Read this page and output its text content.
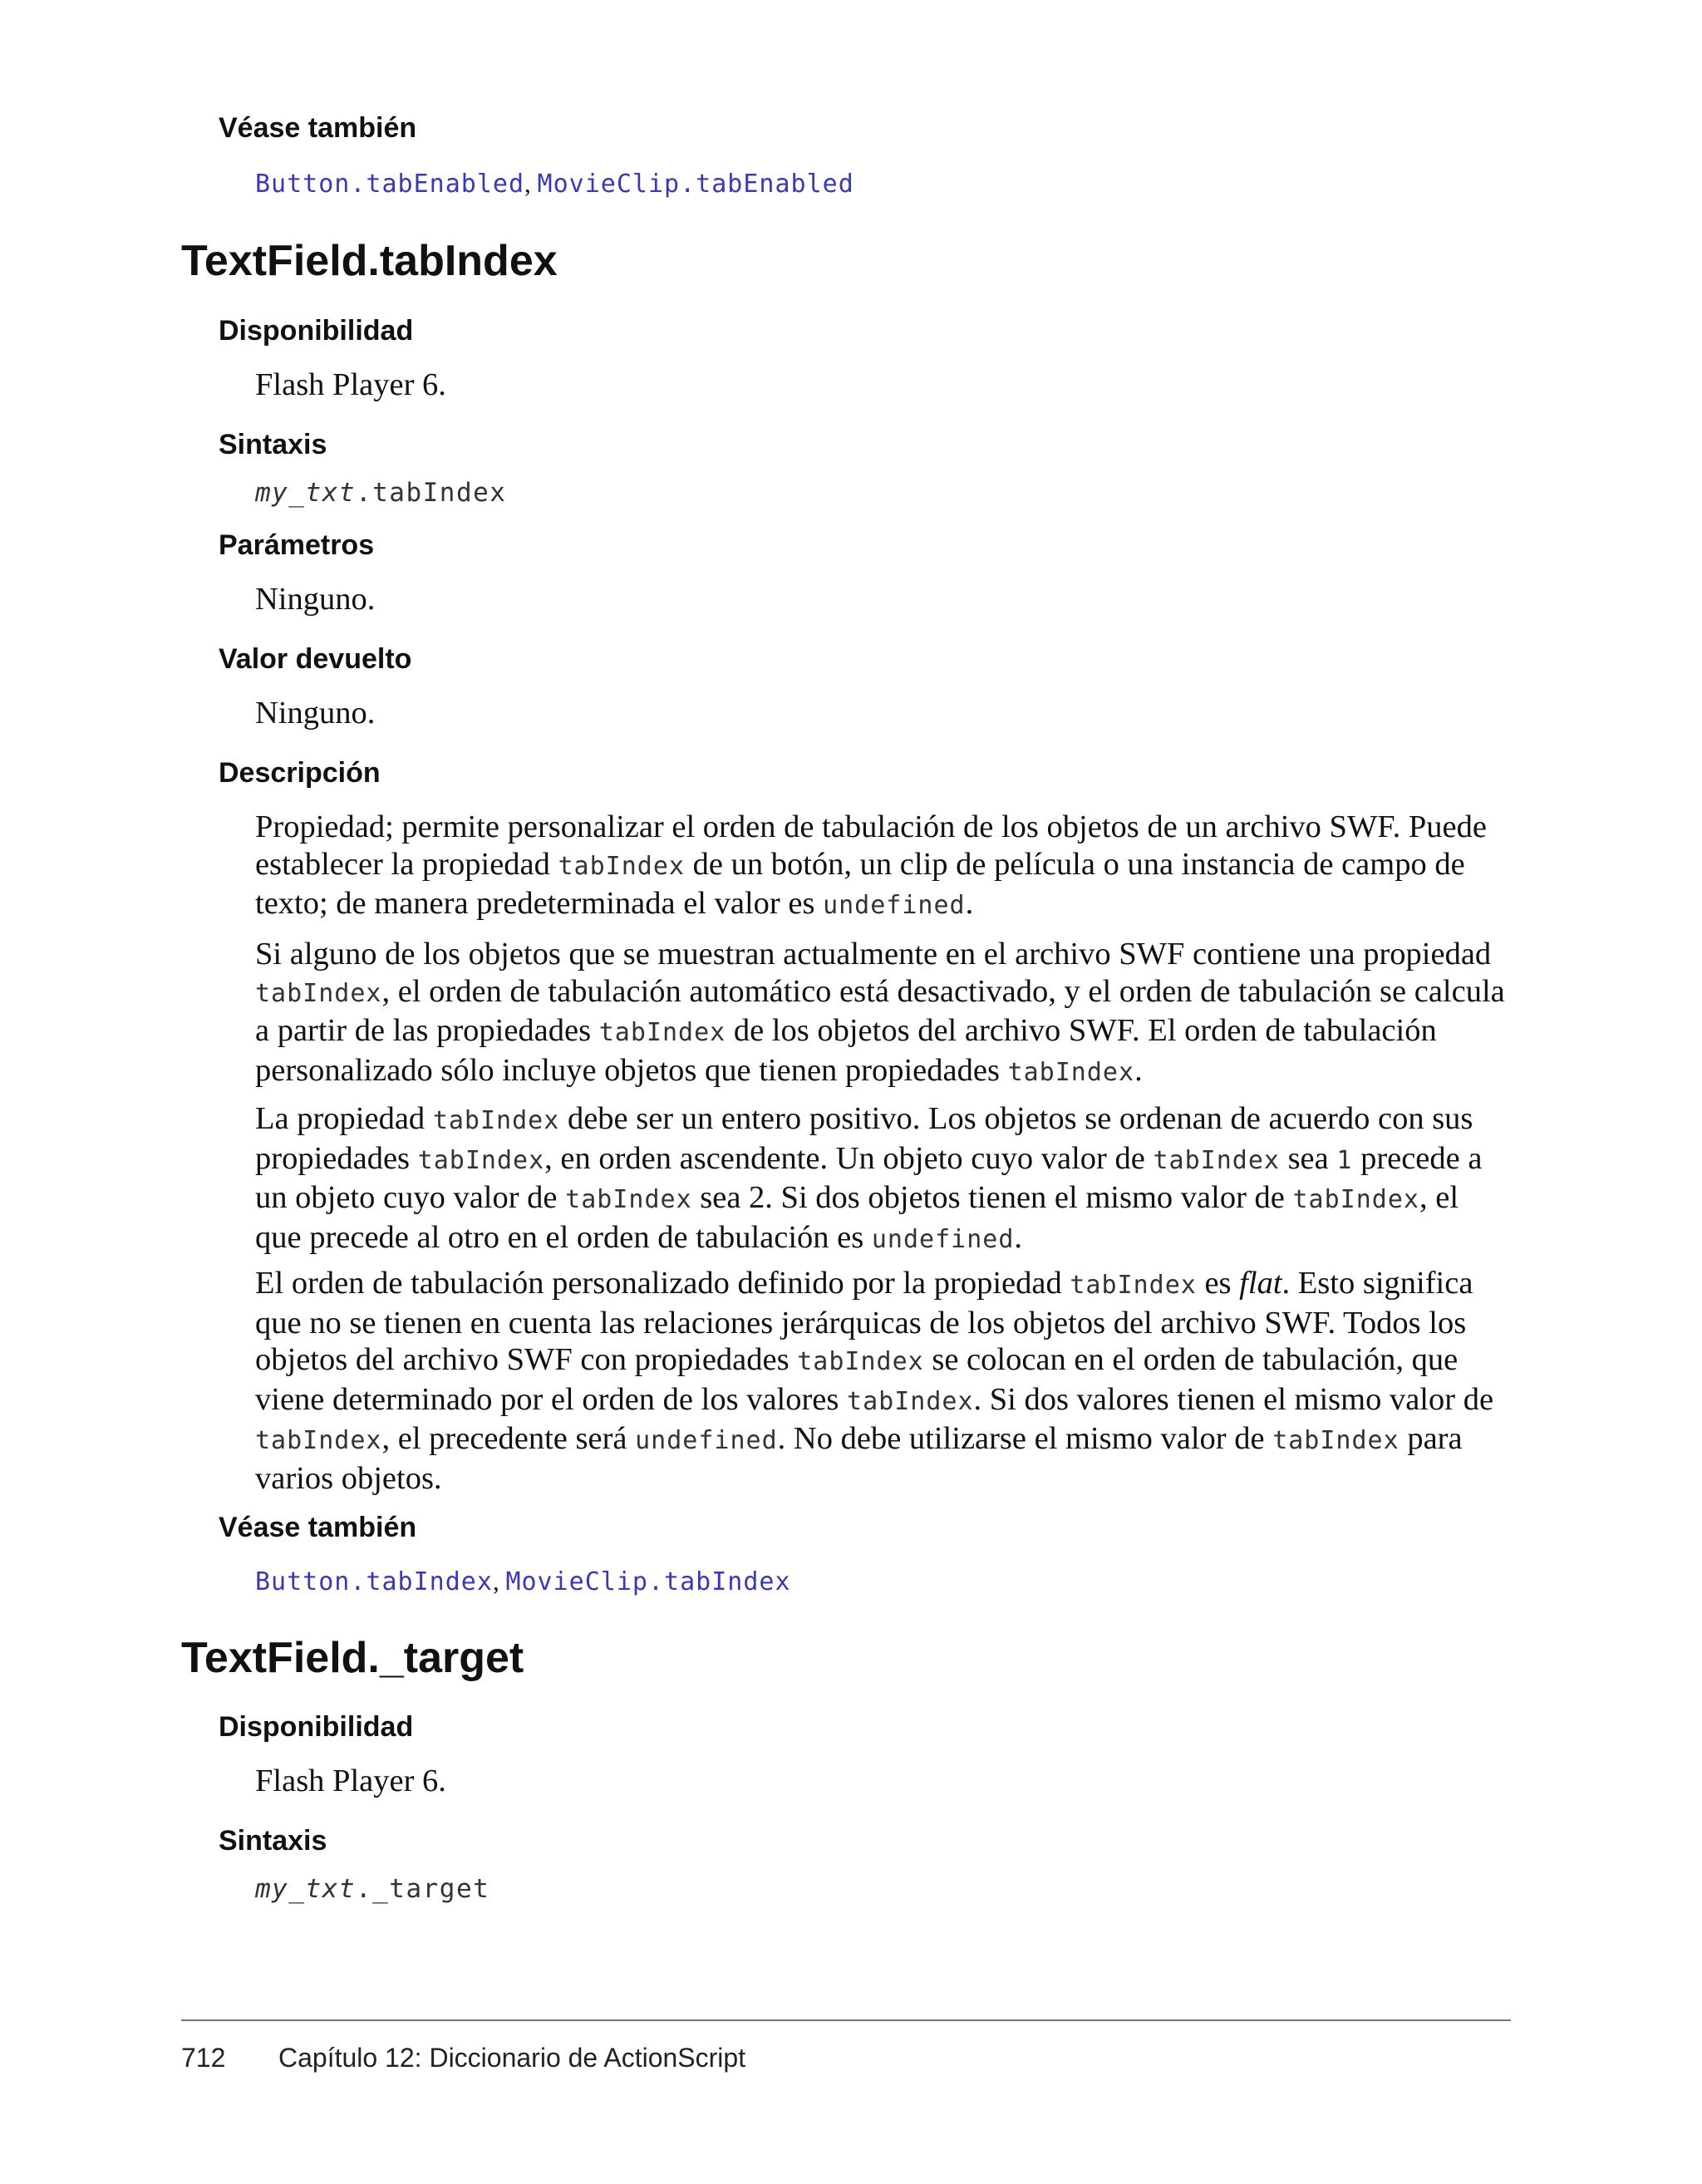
Véase también

Button.tabEnabled, MovieClip.tabEnabled

TextField.tabIndex
Disponibilidad

Flash Player 6.

Sintaxis

my_txt.tabIndex

Parámetros

Ninguno.

Valor devuelto

Ninguno.

Descripción

Propiedad; permite personalizar el orden de tabulación de los objetos de un archivo SWF. Puede establecer la propiedad tabIndex de un botón, un clip de película o una instancia de campo de texto; de manera predeterminada el valor es undefined.

Si alguno de los objetos que se muestran actualmente en el archivo SWF contiene una propiedad tabIndex, el orden de tabulación automático está desactivado, y el orden de tabulación se calcula a partir de las propiedades tabIndex de los objetos del archivo SWF. El orden de tabulación personalizado sólo incluye objetos que tienen propiedades tabIndex.

La propiedad tabIndex debe ser un entero positivo. Los objetos se ordenan de acuerdo con sus propiedades tabIndex, en orden ascendente. Un objeto cuyo valor de tabIndex sea 1 precede a un objeto cuyo valor de tabIndex sea 2. Si dos objetos tienen el mismo valor de tabIndex, el que precede al otro en el orden de tabulación es undefined.

El orden de tabulación personalizado definido por la propiedad tabIndex es flat. Esto significa que no se tienen en cuenta las relaciones jerárquicas de los objetos del archivo SWF. Todos los objetos del archivo SWF con propiedades tabIndex se colocan en el orden de tabulación, que viene determinado por el orden de los valores tabIndex. Si dos valores tienen el mismo valor de tabIndex, el precedente será undefined. No debe utilizarse el mismo valor de tabIndex para varios objetos.

Véase también

Button.tabIndex, MovieClip.tabIndex

TextField._target
Disponibilidad

Flash Player 6.

Sintaxis

my_txt._target

712 Capítulo 12: Diccionario de ActionScript
